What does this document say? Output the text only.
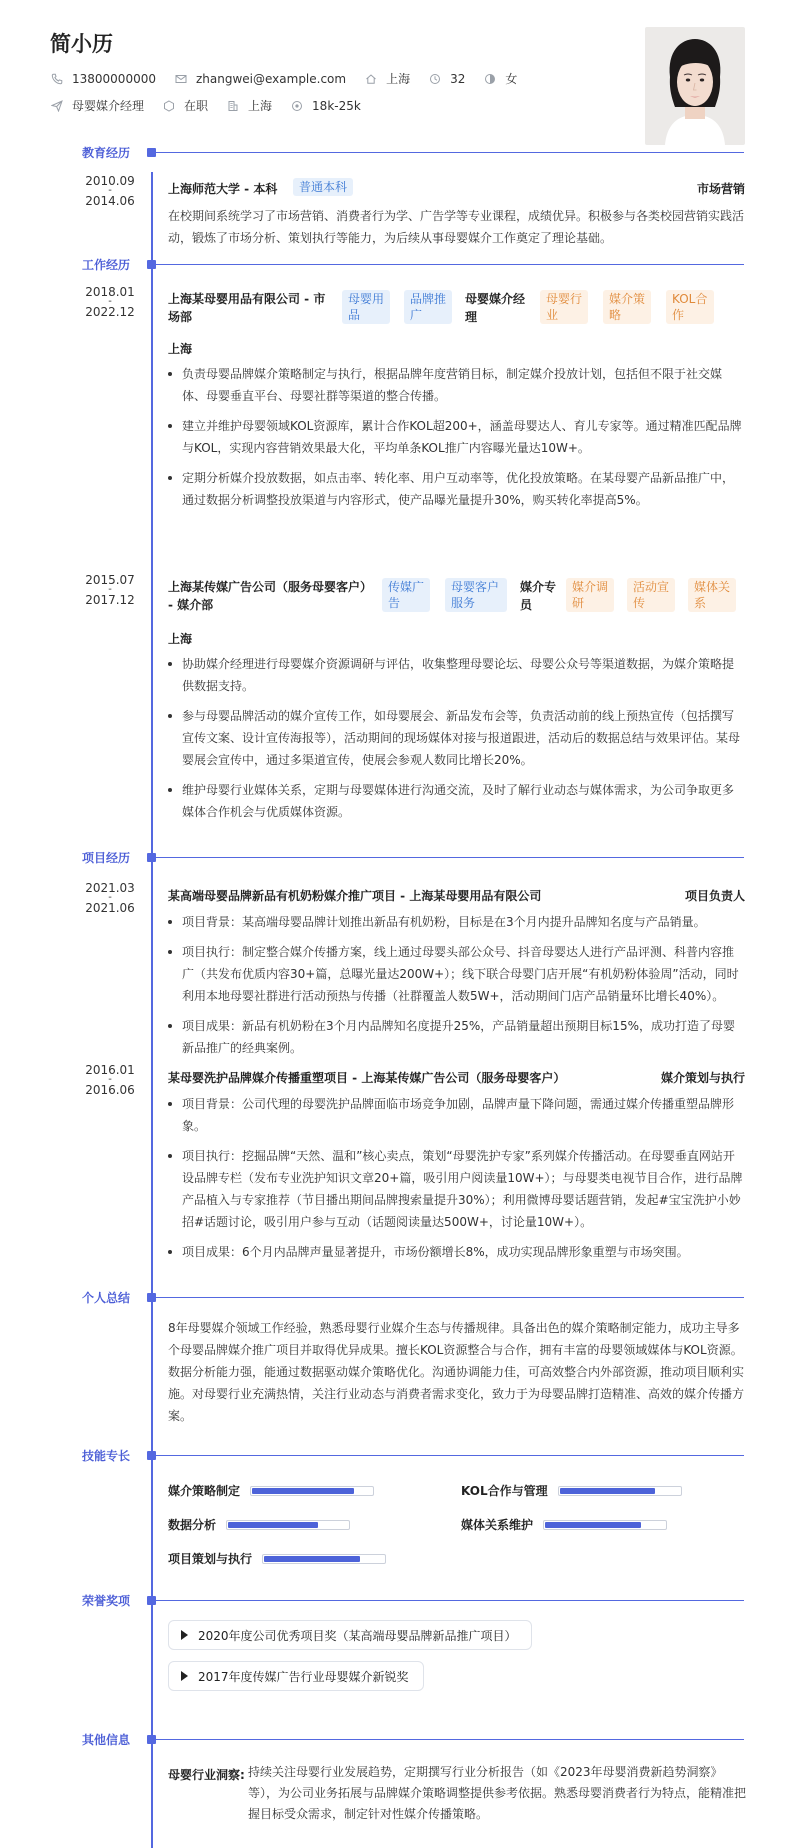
简小历
13800000000	zhangwei@example.com	上海	32	女
母婴媒介经理	在职	上海	18k-25k
教育经历
2010.09
-
2014.06
上海师范大学 - 本科	普通本科	市场营销
在校期间系统学习了市场营销、消费者行为学、广告学等专业课程，成绩优异。积极参与各类校园营销实践活动，锻炼了市场分析、策划执行等能力，为后续从事母婴媒介工作奠定了理论基础。
工作经历
2018.01
-
2022.12
上海某母婴用品有限公司 - 市
场部
母婴用
品
品牌推
广
母婴媒介经
理
母婴行
业
媒介策
略
KOL合
作
上海
负责母婴品牌媒介策略制定与执行，根据品牌年度营销目标，制定媒介投放计划，包括但不限于社交媒体、母婴垂直平台、母婴社群等渠道的整合传播。
建立并维护母婴领域KOL资源库，累计合作KOL超200+，涵盖母婴达人、育儿专家等。通过精准匹配品牌与KOL，实现内容营销效果最大化，平均单条KOL推广内容曝光量达10W+。
定期分析媒介投放数据，如点击率、转化率、用户互动率等，优化投放策略。在某母婴产品新品推广中，通过数据分析调整投放渠道与内容形式，使产品曝光量提升30%，购买转化率提高5%。
2015.07
-
2017.12
上海某传媒广告公司（服务母婴客户）
- 媒介部
传媒广
告
母婴客户
服务
媒介专
员
媒介调
研
活动宣
传
媒体关
系
上海
协助媒介经理进行母婴媒介资源调研与评估，收集整理母婴论坛、母婴公众号等渠道数据，为媒介策略提供数据支持。
参与母婴品牌活动的媒介宣传工作，如母婴展会、新品发布会等，负责活动前的线上预热宣传（包括撰写宣传文案、设计宣传海报等），活动期间的现场媒体对接与报道跟进，活动后的数据总结与效果评估。某母婴展会宣传中，通过多渠道宣传，使展会参观人数同比增长20%。
维护母婴行业媒体关系，定期与母婴媒体进行沟通交流，及时了解行业动态与媒体需求，为公司争取更多媒体合作机会与优质媒体资源。
项目经历
2021.03
-
2021.06
某高端母婴品牌新品有机奶粉媒介推广项目 - 上海某母婴用品有限公司	项目负责人
项目背景：某高端母婴品牌计划推出新品有机奶粉，目标是在3个月内提升品牌知名度与产品销量。
项目执行：制定整合媒介传播方案，线上通过母婴头部公众号、抖音母婴达人进行产品评测、科普内容推广（共发布优质内容30+篇，总曝光量达200W+）；线下联合母婴门店开展“有机奶粉体验周”活动，同时利用本地母婴社群进行活动预热与传播（社群覆盖人数5W+，活动期间门店产品销量环比增长40%）。
项目成果：新品有机奶粉在3个月内品牌知名度提升25%，产品销量超出预期目标15%，成功打造了母婴新品推广的经典案例。
2016.01
-
2016.06
某母婴洗护品牌媒介传播重塑项目 - 上海某传媒广告公司（服务母婴客户）	媒介策划与执行
项目背景：公司代理的母婴洗护品牌面临市场竞争加剧，品牌声量下降问题，需通过媒介传播重塑品牌形象。
项目执行：挖掘品牌“天然、温和”核心卖点，策划“母婴洗护专家”系列媒介传播活动。在母婴垂直网站开设品牌专栏（发布专业洗护知识文章20+篇，吸引用户阅读量10W+）；与母婴类电视节目合作，进行品牌产品植入与专家推荐（节目播出期间品牌搜索量提升30%）；利用微博母婴话题营销，发起#宝宝洗护小妙招#话题讨论，吸引用户参与互动（话题阅读量达500W+，讨论量10W+）。
项目成果：6个月内品牌声量显著提升，市场份额增长8%，成功实现品牌形象重塑与市场突围。
个人总结
8年母婴媒介领域工作经验，熟悉母婴行业媒介生态与传播规律。具备出色的媒介策略制定能力，成功主导多个母婴品牌媒介推广项目并取得优异成果。擅长KOL资源整合与合作，拥有丰富的母婴领域媒体与KOL资源。数据分析能力强，能通过数据驱动媒介策略优化。沟通协调能力佳，可高效整合内外部资源，推动项目顺利实施。对母婴行业充满热情，关注行业动态与消费者需求变化，致力于为母婴品牌打造精准、高效的媒介传播方案。
技能专长
媒介策略制定	KOL合作与管理
数据分析	媒体关系维护
项目策划与执行
荣誉奖项
2020年度公司优秀项目奖（某高端母婴品牌新品推广项目）
2017年度传媒广告行业母婴媒介新锐奖
其他信息
母婴行业洞察: 持续关注母婴行业发展趋势，定期撰写行业分析报告（如《2023年母婴消费新趋势洞察》等），为公司业务拓展与品牌媒介策略调整提供参考依据。熟悉母婴消费者行为特点，能精准把握目标受众需求，制定针对性媒介传播策略。
